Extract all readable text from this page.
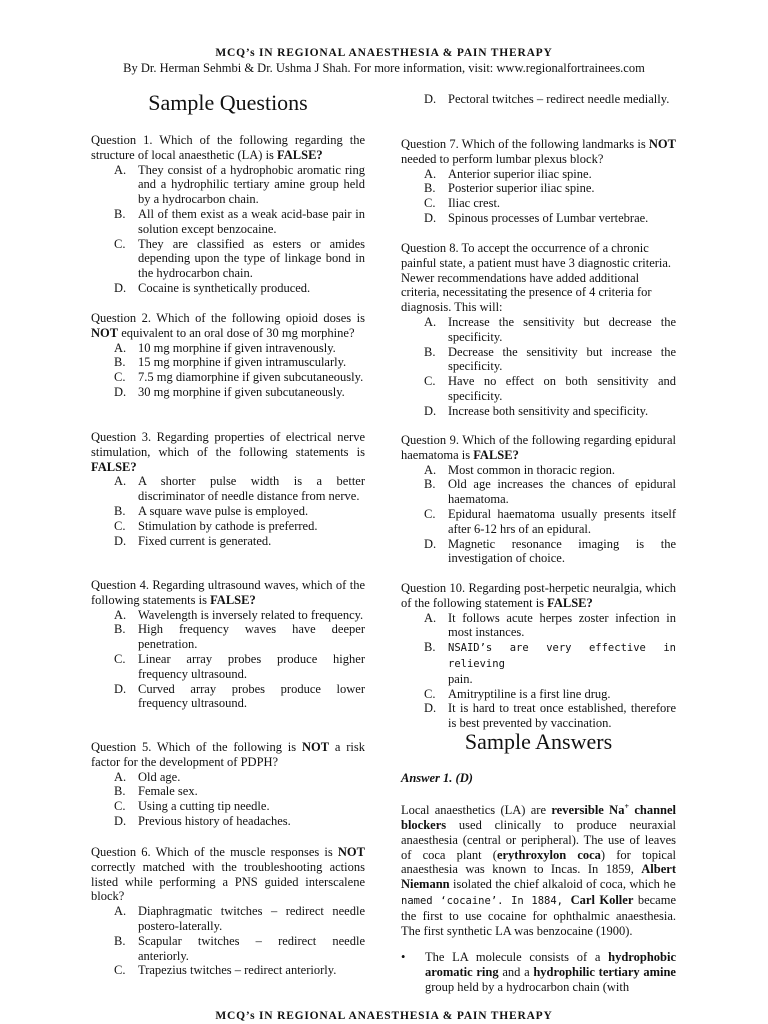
MCQ’s IN REGIONAL ANAESTHESIA & PAIN THERAPY
By Dr. Herman Sehmbi & Dr. Ushma J Shah. For more information, visit: www.regionalfortrainees.com
Sample Questions
Question 1. Which of the following regarding the structure of local anaesthetic (LA) is FALSE?
A. They consist of a hydrophobic aromatic ring and a hydrophilic tertiary amine group held by a hydrocarbon chain.
B.	All of them exist as a weak acid-base pair in solution except benzocaine.
C.	They are classified as esters or amides depending upon the type of linkage bond in the hydrocarbon chain.
D. Cocaine is synthetically produced.
Question 2. Which of the following opioid doses is NOT equivalent to an oral dose of 30 mg morphine?
A. 10 mg morphine if given intravenously.
B.	15 mg morphine if given intramuscularly.
C.	7.5 mg diamorphine if given subcutaneously.
D. 30 mg morphine if given subcutaneously.
Question 3. Regarding properties of electrical nerve stimulation, which of the following statements is FALSE?
A. A shorter pulse width is a better discriminator of needle distance from nerve.
B.	A square wave pulse is employed.
C.	Stimulation by cathode is preferred.
D. Fixed current is generated.
Question 4. Regarding ultrasound waves, which of the following statements is FALSE?
A. Wavelength is inversely related to frequency.
B.	High frequency waves have deeper penetration.
C.	Linear array probes produce higher frequency ultrasound.
D. Curved array probes produce lower frequency ultrasound.
Question 5. Which of the following is NOT a risk factor for the development of PDPH?
A. Old age.
B.	Female sex.
C.	Using a cutting tip needle.
D. Previous history of headaches.
Question 6. Which of the muscle responses is NOT correctly matched with the troubleshooting actions listed while performing a PNS guided interscalene block?
A. Diaphragmatic twitches – redirect needle postero-laterally.
B.	Scapular twitches – redirect needle anteriorly.
C.	Trapezius twitches – redirect anteriorly.
D. Pectoral twitches – redirect needle medially.
Question 7. Which of the following landmarks is NOT needed to perform lumbar plexus block?
A. Anterior superior iliac spine.
B.	Posterior superior iliac spine.
C.	Iliac crest.
D. Spinous processes of Lumbar vertebrae.
Question 8. To accept the occurrence of a chronic painful state, a patient must have 3 diagnostic criteria. Newer recommendations have added additional criteria, necessitating the presence of 4 criteria for diagnosis. This will:
A. Increase the sensitivity but decrease the specificity.
B.	Decrease the sensitivity but increase the specificity.
C.	Have no effect on both sensitivity and specificity.
D. Increase both sensitivity and specificity.
Question 9. Which of the following regarding epidural haematoma is FALSE?
A. Most common in thoracic region.
B.	Old age increases the chances of epidural haematoma.
C.	Epidural haematoma usually presents itself after 6-12 hrs of an epidural.
D. Magnetic resonance imaging is the investigation of choice.
Question 10. Regarding post-herpetic neuralgia, which of the following statement is FALSE?
A. It follows acute herpes zoster infection in most instances.
B.	NSAID’s are very effective in relieving
pain.
C.	Amitryptiline is a first line drug.
D. It is hard to treat once established, therefore is best prevented by vaccination.
Sample Answers
Answer 1. (D)
Local anaesthetics (LA) are reversible Na+ channel blockers used clinically to produce neuraxial anaesthesia (central or peripheral). The use of leaves of coca plant (erythroxylon coca) for topical anaesthesia was known to Incas. In 1859, Albert Niemann isolated the chief alkaloid of coca, which he named ‘cocaine’. In 1884, Carl Koller became the first to use cocaine for ophthalmic anaesthesia. The first synthetic LA was benzocaine (1900).
•	The LA molecule consists of a hydrophobic aromatic ring and a hydrophilic tertiary amine group held by a hydrocarbon chain (with
MCQ’s IN REGIONAL ANAESTHESIA & PAIN THERAPY
